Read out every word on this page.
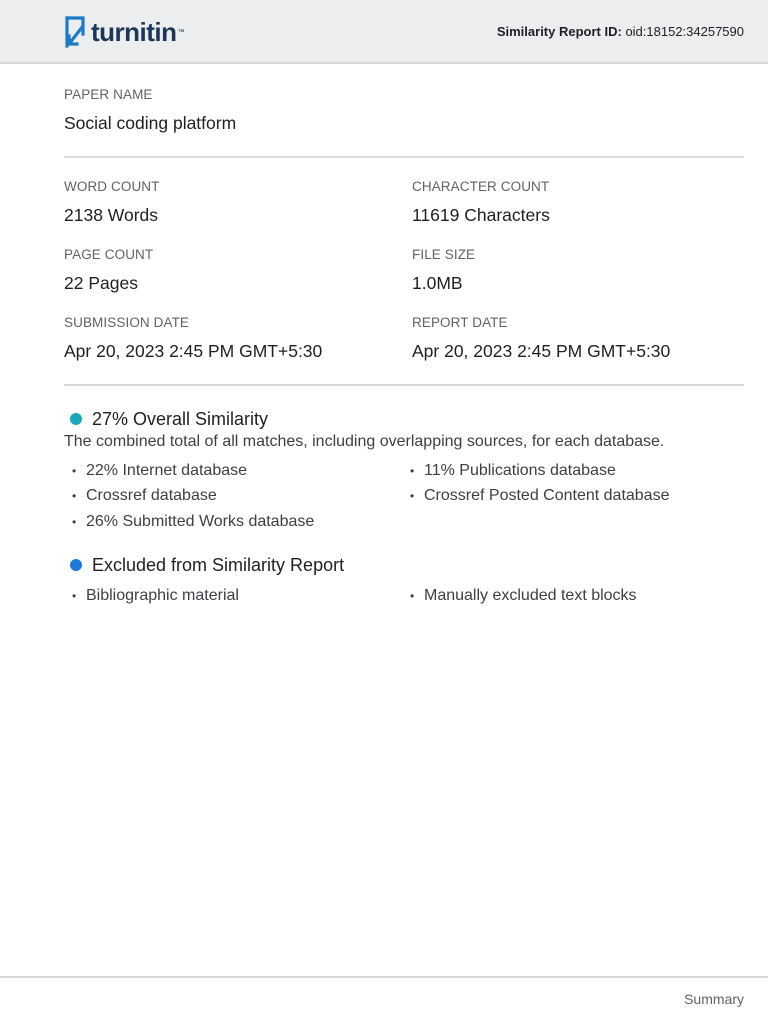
turnitin ™	Similarity Report ID: oid:18152:34257590
PAPER NAME
Social coding platform
WORD COUNT
2138 Words
CHARACTER COUNT
11619 Characters
PAGE COUNT
22 Pages
FILE SIZE
1.0MB
SUBMISSION DATE
Apr 20, 2023 2:45 PM GMT+5:30
REPORT DATE
Apr 20, 2023 2:45 PM GMT+5:30
27% Overall Similarity
The combined total of all matches, including overlapping sources, for each database.
• 22% Internet database	• 11% Publications database
• Crossref database	• Crossref Posted Content database
• 26% Submitted Works database
Excluded from Similarity Report
• Bibliographic material	• Manually excluded text blocks
Summary
